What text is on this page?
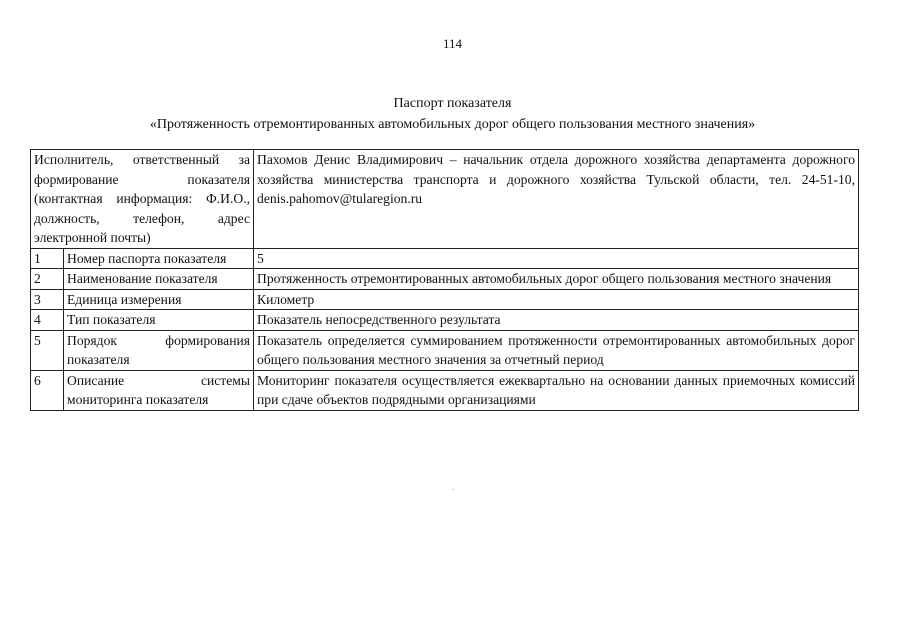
114
Паспорт показателя
«Протяженность отремонтированных автомобильных дорог общего пользования местного значения»
Исполнитель, ответственный за формирование показателя (контактная информация: Ф.И.О., должность, телефон, адрес электронной почты)		Пахомов Денис Владимирович – начальник отдела дорожного хозяйства департамента дорожного хозяйства министерства транспорта и дорожного хозяйства Тульской области, тел. 24-51-10, denis.pahomov@tularegion.ru
1	Номер паспорта показателя	5
2	Наименование показателя	Протяженность отремонтированных автомобильных дорог общего пользования местного значения
3	Единица измерения	Километр
4	Тип показателя	Показатель непосредственного результата
5	Порядок формирования показателя	Показатель определяется суммированием протяженности отремонтированных автомобильных дорог общего пользования местного значения за отчетный период
6	Описание системы мониторинга показателя	Мониторинг показателя осуществляется ежеквартально на основании данных приемочных комиссий при сдаче объектов подрядными организациями
